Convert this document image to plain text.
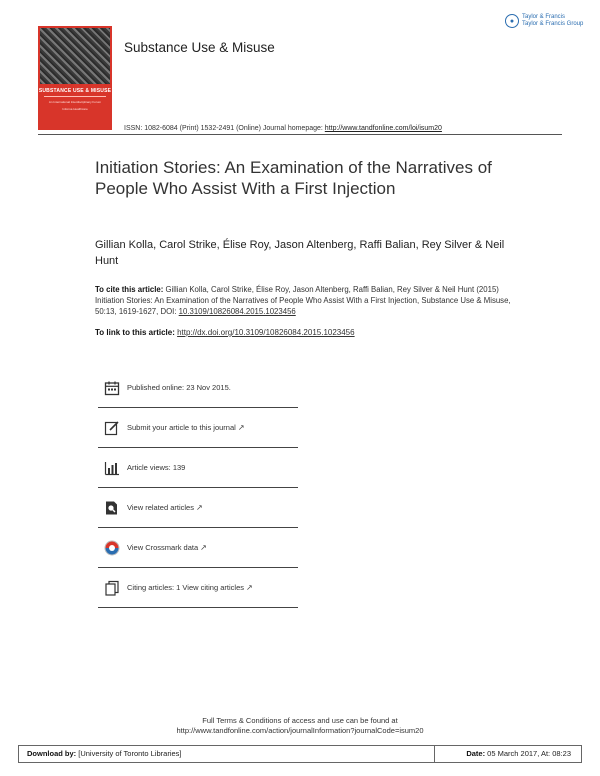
SUBSTANCE USE & MISUSE
An International Interdisciplinary Forum
Informa Healthcare
Substance Use & Misuse
●
Taylor & Francis
Taylor & Francis Group
ISSN: 1082-6084 (Print) 1532-2491 (Online) Journal homepage: http://www.tandfonline.com/loi/isum20
Initiation Stories: An Examination of the Narratives of People Who Assist With a First Injection
Gillian Kolla, Carol Strike, Élise Roy, Jason Altenberg, Raffi Balian, Rey Silver & Neil Hunt
To cite this article: Gillian Kolla, Carol Strike, Élise Roy, Jason Altenberg, Raffi Balian, Rey Silver & Neil Hunt (2015) Initiation Stories: An Examination of the Narratives of People Who Assist With a First Injection, Substance Use & Misuse, 50:13, 1619-1627, DOI: 10.3109/10826084.2015.1023456
To link to this article: http://dx.doi.org/10.3109/10826084.2015.1023456
Published online: 23 Nov 2015.
Submit your article to this journal ↗
Article views: 139
View related articles ↗
View Crossmark data ↗
Citing articles: 1 View citing articles ↗
Full Terms & Conditions of access and use can be found at
http://www.tandfonline.com/action/journalInformation?journalCode=isum20
Download by: [University of Toronto Libraries]	Date: 05 March 2017, At: 08:23
